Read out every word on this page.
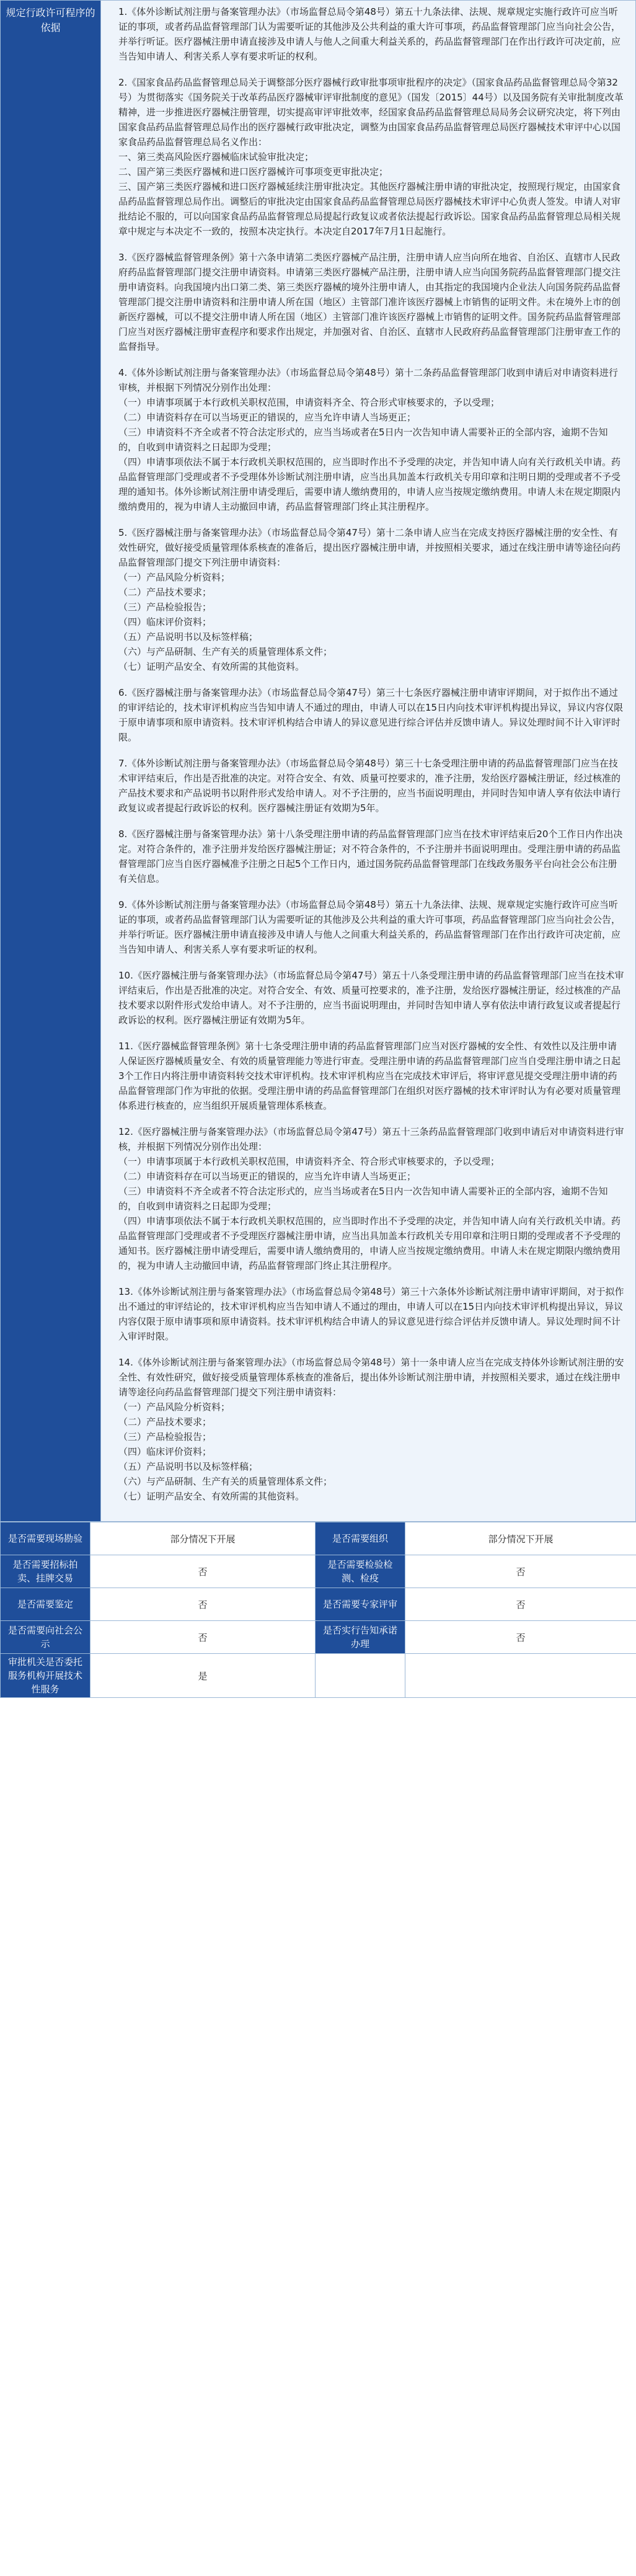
规定行政许可程序的依据	
1.《体外诊断试剂注册与备案管理办法》（市场监督总局令第48号）第五十九条法律、法规、规章规定实施行政许可应当听证的事项，或者药品监督管理部门认为需要听证的其他涉及公共利益的重大许可事项，药品监督管理部门应当向社会公告，并举行听证。医疗器械注册申请直接涉及申请人与他人之间重大利益关系的，药品监督管理部门在作出行政许可决定前，应当告知申请人、利害关系人享有要求听证的权利。
2.《国家食品药品监督管理总局关于调整部分医疗器械行政审批事项审批程序的决定》（国家食品药品监督管理总局令第32号）为贯彻落实《国务院关于改革药品医疗器械审评审批制度的意见》（国发〔2015〕44号）以及国务院有关审批制度改革精神，进一步推进医疗器械注册管理，切实提高审评审批效率，经国家食品药品监督管理总局局务会议研究决定，将下列由国家食品药品监督管理总局作出的医疗器械行政审批决定，调整为由国家食品药品监督管理总局医疗器械技术审评中心以国家食品药品监督管理总局名义作出：
一、第三类高风险医疗器械临床试验审批决定；
二、国产第三类医疗器械和进口医疗器械许可事项变更审批决定；
三、国产第三类医疗器械和进口医疗器械延续注册审批决定。其他医疗器械注册申请的审批决定，按照现行规定，由国家食品药品监督管理总局作出。调整后的审批决定由国家食品药品监督管理总局医疗器械技术审评中心负责人签发。申请人对审批结论不服的，可以向国家食品药品监督管理总局提起行政复议或者依法提起行政诉讼。国家食品药品监督管理总局相关规章中规定与本决定不一致的，按照本决定执行。本决定自2017年7月1日起施行。
3.《医疗器械监督管理条例》第十六条申请第二类医疗器械产品注册，注册申请人应当向所在地省、自治区、直辖市人民政府药品监督管理部门提交注册申请资料。申请第三类医疗器械产品注册，注册申请人应当向国务院药品监督管理部门提交注册申请资料。向我国境内出口第二类、第三类医疗器械的境外注册申请人，由其指定的我国境内企业法人向国务院药品监督管理部门提交注册申请资料和注册申请人所在国（地区）主管部门准许该医疗器械上市销售的证明文件。未在境外上市的创新医疗器械，可以不提交注册申请人所在国（地区）主管部门准许该医疗器械上市销售的证明文件。国务院药品监督管理部门应当对医疗器械注册审查程序和要求作出规定，并加强对省、自治区、直辖市人民政府药品监督管理部门注册审查工作的监督指导。
4.《体外诊断试剂注册与备案管理办法》（市场监督总局令第48号）第十二条药品监督管理部门收到申请后对申请资料进行审核，并根据下列情况分别作出处理：
（一）申请事项属于本行政机关职权范围，申请资料齐全、符合形式审核要求的，予以受理；
（二）申请资料存在可以当场更正的错误的，应当允许申请人当场更正；
（三）申请资料不齐全或者不符合法定形式的，应当当场或者在5日内一次告知申请人需要补正的全部内容，逾期不告知的，自收到申请资料之日起即为受理；
（四）申请事项依法不属于本行政机关职权范围的，应当即时作出不予受理的决定，并告知申请人向有关行政机关申请。药品监督管理部门受理或者不予受理体外诊断试剂注册申请，应当出具加盖本行政机关专用印章和注明日期的受理或者不予受理的通知书。体外诊断试剂注册申请受理后，需要申请人缴纳费用的，申请人应当按规定缴纳费用。申请人未在规定期限内缴纳费用的，视为申请人主动撤回申请，药品监督管理部门终止其注册程序。
5.《医疗器械注册与备案管理办法》（市场监督总局令第47号）第十二条申请人应当在完成支持医疗器械注册的安全性、有效性研究，做好接受质量管理体系核查的准备后，提出医疗器械注册申请，并按照相关要求，通过在线注册申请等途径向药品监督管理部门提交下列注册申请资料：
（一）产品风险分析资料；
（二）产品技术要求；
（三）产品检验报告；
（四）临床评价资料；
（五）产品说明书以及标签样稿；
（六）与产品研制、生产有关的质量管理体系文件；
（七）证明产品安全、有效所需的其他资料。
6.《医疗器械注册与备案管理办法》（市场监督总局令第47号）第三十七条医疗器械注册申请审评期间，对于拟作出不通过的审评结论的，技术审评机构应当告知申请人不通过的理由，申请人可以在15日内向技术审评机构提出异议，异议内容仅限于原申请事项和原申请资料。技术审评机构结合申请人的异议意见进行综合评估并反馈申请人。异议处理时间不计入审评时限。
7.《体外诊断试剂注册与备案管理办法》（市场监督总局令第48号）第三十七条受理注册申请的药品监督管理部门应当在技术审评结束后，作出是否批准的决定。对符合安全、有效、质量可控要求的，准予注册，发给医疗器械注册证，经过核准的产品技术要求和产品说明书以附件形式发给申请人。对不予注册的，应当书面说明理由，并同时告知申请人享有依法申请行政复议或者提起行政诉讼的权利。医疗器械注册证有效期为5年。
8.《医疗器械注册与备案管理办法》第十八条受理注册申请的药品监督管理部门应当在技术审评结束后20个工作日内作出决定。对符合条件的，准予注册并发给医疗器械注册证；对不符合条件的，不予注册并书面说明理由。受理注册申请的药品监督管理部门应当自医疗器械准予注册之日起5个工作日内，通过国务院药品监督管理部门在线政务服务平台向社会公布注册有关信息。
9.《体外诊断试剂注册与备案管理办法》（市场监督总局令第48号）第五十九条法律、法规、规章规定实施行政许可应当听证的事项，或者药品监督管理部门认为需要听证的其他涉及公共利益的重大许可事项，药品监督管理部门应当向社会公告，并举行听证。医疗器械注册申请直接涉及申请人与他人之间重大利益关系的，药品监督管理部门在作出行政许可决定前，应当告知申请人、利害关系人享有要求听证的权利。
10.《医疗器械注册与备案管理办法》（市场监督总局令第47号）第五十八条受理注册申请的药品监督管理部门应当在技术审评结束后，作出是否批准的决定。对符合安全、有效、质量可控要求的，准予注册，发给医疗器械注册证，经过核准的产品技术要求以附件形式发给申请人。对不予注册的，应当书面说明理由，并同时告知申请人享有依法申请行政复议或者提起行政诉讼的权利。医疗器械注册证有效期为5年。
11.《医疗器械监督管理条例》第十七条受理注册申请的药品监督管理部门应当对医疗器械的安全性、有效性以及注册申请人保证医疗器械质量安全、有效的质量管理能力等进行审查。受理注册申请的药品监督管理部门应当自受理注册申请之日起3个工作日内将注册申请资料转交技术审评机构。技术审评机构应当在完成技术审评后，将审评意见提交受理注册申请的药品监督管理部门作为审批的依据。受理注册申请的药品监督管理部门在组织对医疗器械的技术审评时认为有必要对质量管理体系进行核查的，应当组织开展质量管理体系核查。
12.《医疗器械注册与备案管理办法》（市场监督总局令第47号）第五十三条药品监督管理部门收到申请后对申请资料进行审核，并根据下列情况分别作出处理：
（一）申请事项属于本行政机关职权范围，申请资料齐全、符合形式审核要求的，予以受理；
（二）申请资料存在可以当场更正的错误的，应当允许申请人当场更正；
（三）申请资料不齐全或者不符合法定形式的，应当当场或者在5日内一次告知申请人需要补正的全部内容，逾期不告知的，自收到申请资料之日起即为受理；
（四）申请事项依法不属于本行政机关职权范围的，应当即时作出不予受理的决定，并告知申请人向有关行政机关申请。药品监督管理部门受理或者不予受理医疗器械注册申请，应当出具加盖本行政机关专用印章和注明日期的受理或者不予受理的通知书。医疗器械注册申请受理后，需要申请人缴纳费用的，申请人应当按规定缴纳费用。申请人未在规定期限内缴纳费用的，视为申请人主动撤回申请，药品监督管理部门终止其注册程序。
13.《体外诊断试剂注册与备案管理办法》（市场监督总局令第48号）第三十六条体外诊断试剂注册申请审评期间，对于拟作出不通过的审评结论的，技术审评机构应当告知申请人不通过的理由，申请人可以在15日内向技术审评机构提出异议，异议内容仅限于原申请事项和原申请资料。技术审评机构结合申请人的异议意见进行综合评估并反馈申请人。异议处理时间不计入审评时限。
14.《体外诊断试剂注册与备案管理办法》（市场监督总局令第48号）第十一条申请人应当在完成支持体外诊断试剂注册的安全性、有效性研究，做好接受质量管理体系核查的准备后，提出体外诊断试剂注册申请，并按照相关要求，通过在线注册申请等途径向药品监督管理部门提交下列注册申请资料：
（一）产品风险分析资料；
（二）产品技术要求；
（三）产品检验报告；
（四）临床评价资料；
（五）产品说明书以及标签样稿；
（六）与产品研制、生产有关的质量管理体系文件；
（七）证明产品安全、有效所需的其他资料。
是否需要现场勘验	部分情况下开展	是否需要组织	部分情况下开展
是否需要招标拍卖、挂牌交易	否	是否需要检验检测、检疫	否
是否需要鉴定	否	是否需要专家评审	否
是否需要向社会公示	否	是否实行告知承诺办理	否
审批机关是否委托服务机构开展技术性服务	是		
